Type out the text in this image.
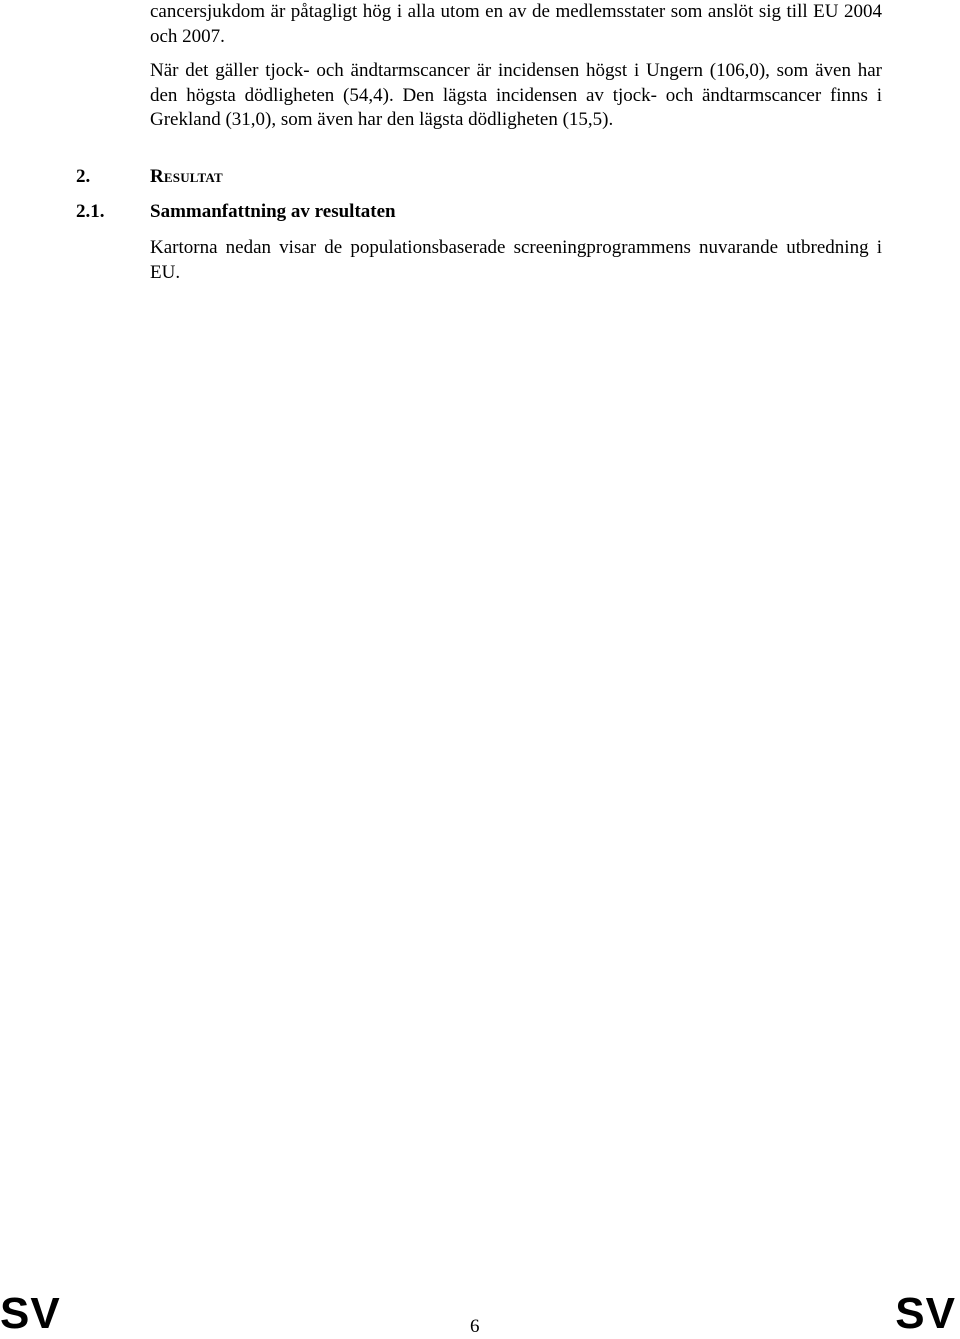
cancersjukdom är påtagligt hög i alla utom en av de medlemsstater som anslöt sig till EU 2004 och 2007.

När det gäller tjock- och ändtarmscancer är incidensen högst i Ungern (106,0), som även har den högsta dödligheten (54,4). Den lägsta incidensen av tjock- och ändtarmscancer finns i Grekland (31,0), som även har den lägsta dödligheten (15,5).

2.	Resultat
2.1. Sammanfattning av resultaten

Kartorna nedan visar de populationsbaserade screeningprogrammens nuvarande utbredning i EU.

SV	6	SV
